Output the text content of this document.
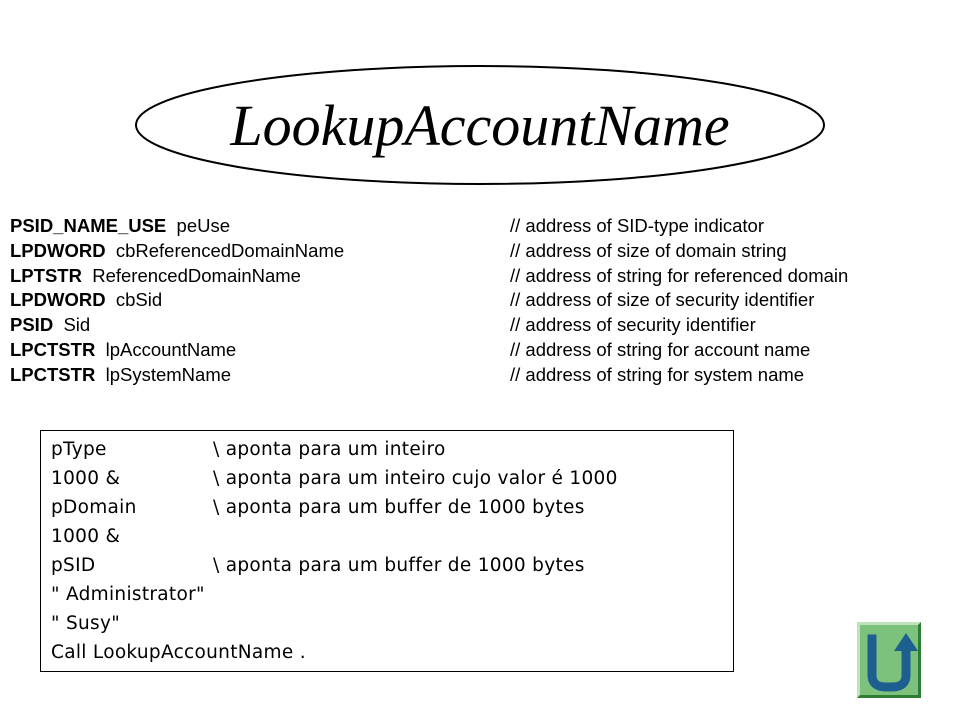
LookupAccountName
PSID_NAME_USE peUse	// address of SID-type indicator
LPDWORD cbReferencedDomainName	// address of size of domain string
LPTSTR ReferencedDomainName	// address of string for referenced domain
LPDWORD cbSid	// address of size of security identifier
PSID Sid	// address of security identifier
LPCTSTR lpAccountName	// address of string for account name
LPCTSTR lpSystemName	// address of string for system name
pType	\ aponta para um inteiro
1000 &	\ aponta para um inteiro cujo valor é 1000
pDomain	\ aponta para um buffer de 1000 bytes
1000 &
pSID	\ aponta para um buffer de 1000 bytes
" Administrator"
" Susy"
Call LookupAccountName .
